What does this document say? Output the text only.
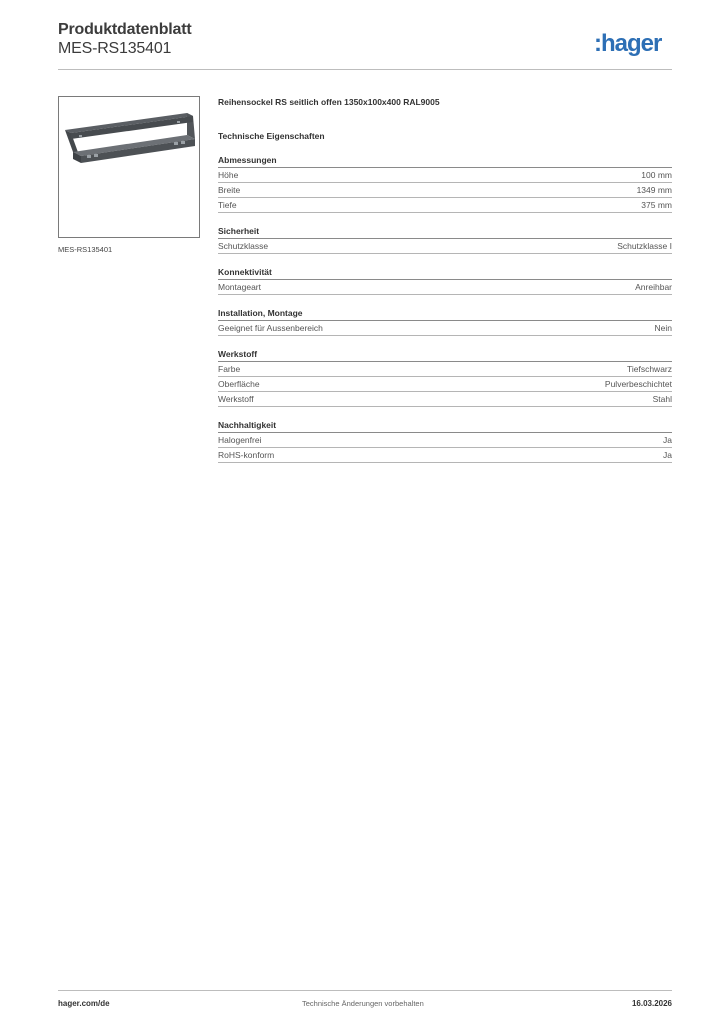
Produktdatenblatt
MES-RS135401	:hager
MES-RS135401
Reihensockel RS seitlich offen 1350x100x400 RAL9005
Technische Eigenschaften
Abmessungen
Höhe	100 mm
Breite	1349 mm
Tiefe	375 mm
Sicherheit
Schutzklasse	Schutzklasse I
Konnektivität
Montageart	Anreihbar
Installation, Montage
Geeignet für Aussenbereich	Nein
Werkstoff
Farbe	Tiefschwarz
Oberfläche	Pulverbeschichtet
Werkstoff	Stahl
Nachhaltigkeit
Halogenfrei	Ja
RoHS-konform	Ja
hager.com/de	Technische Änderungen vorbehalten	16.03.2026
